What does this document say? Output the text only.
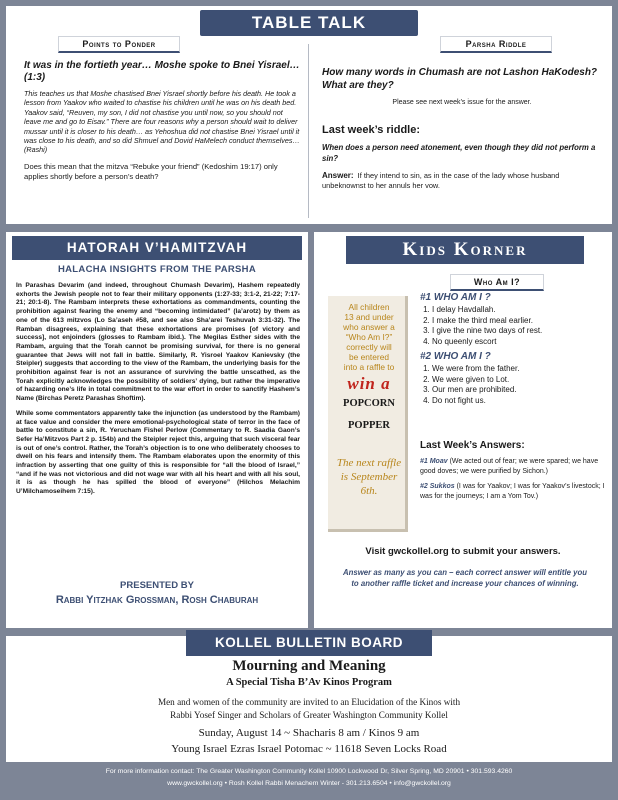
TABLE TALK
Points to Ponder	Parsha Riddle

It was in the fortieth year… Moshe spoke to Bnei Yisrael… (1:3)

This teaches us that Moshe chastised Bnei Yisrael shortly before his death. He took a lesson from Yaakov who waited to chastise his children until he was on his death bed. Yaakov said, “Reuven, my son, I did not chastise you until now, so you should not leave me and go to Eisav.” There are four reasons why a person should wait to deliver mussar until it is closer to his death… as Yehoshua did not chastise Bnei Yisrael until it was close to his death, and so did Shmuel and Dovid HaMelech conduct themselves… (Rashi)

Does this mean that the mitzva “Rebuke your friend” (Kedoshim 19:17) only applies shortly before a person’s death?

How many words in Chumash are not Lashon HaKodesh? What are they?

Please see next week’s issue for the answer.

Last week’s riddle:

When does a person need atonement, even though they did not perform a sin?

Answer: If they intend to sin, as in the case of the lady whose husband unbeknownst to her annuls her vow.

HATORAH V’HAMITZVAH
HALACHA INSIGHTS FROM THE PARSHA

In Parashas Devarim (and indeed, throughout Chumash Devarim), Hashem repeatedly exhorts the Jewish people not to fear their military opponents (1:27-33; 3:1-2, 21-22; 7:17-21; 20:1-8). The Rambam interprets these exhortations as commandments, counting the prohibition against fearing the enemy and “becoming intimidated” (la’arotz) by them as one of the 613 mitzvos (Lo Sa’aseh #58, and see also Sha’arei Teshuvah 3:31-32). The Ramban disagrees, explaining that these exhortations are promises [of victory and success], not enjoinders (glosses to Rambam ibid.). The Megilas Esther sides with the Rambam, arguing that the Torah cannot be promising survival, for there is no general guarantee that Jews will not fall in battle. Similarly, R. Yisroel Yaakov Kanievsky (the Steipler) suggests that according to the view of the Rambam, the underlying basis for the prohibition against fear is not an assurance of surviving the battle unscathed, as the Torah explicitly acknowledges the possibility of soldiers’ dying, but rather the imperative of hazarding one’s life in total commitment to the war effort in order to sanctify Hashem’s Name (Birchas Peretz Parashas Shoftim).

While some commentators apparently take the injunction (as understood by the Rambam) at face value and consider the mere emotional-psychological state of terror in the face of battle to constitute a sin, R. Yerucham Fishel Perlow (Commentary to R. Saadia Gaon’s Sefer Ha’Mitzvos Part 2 p. 154b) and the Steipler reject this, arguing that such visceral fear is out of one’s control. Rather, the Torah’s objection is to one who deliberately chooses to dwell on his fears and intensify them. The Rambam elaborates upon the enormity of this infraction by asserting that one guilty of this is responsible for “all the blood of Israel,” “and if he was not victorious and did not wage war with all his heart and with all his soul, it is as though he has spilled the blood of everyone” (Hilchos Melachim U’Milchamoseihem 7:15).

PRESENTED BY
Rabbi Yitzhak Grossman, Rosh Chaburah
Kids Korner
All children
13 and under
who answer a
“Who Am I?”
correctly will
be entered
into a raffle to
win a
POPCORN
POPPER
The next raffle is September 6th.
Who Am I?
#1 WHO AM I ?
1. I delay Havdallah.
2. I make the third meal earlier.
3. I give the nine two days of rest.
4. No queenly escort
#2 WHO AM I ?
1. We were from the father.
2. We were given to Lot.
3. Our men are prohibited.
4. Do not fight us.
Last Week’s Answers:

#1 Moav (We acted out of fear; we were spared; we have good doves; we were purified by Sichon.)

#2 Sukkos (I was for Yaakov; I was for Yaakov’s livestock; I was for the journeys; I am a Yom Tov.)

Visit gwckollel.org to submit your answers.
Answer as many as you can – each correct answer will entitle you to another raffle ticket and increase your chances of winning.
KOLLEL BULLETIN BOARD
Mourning and Meaning
A Special Tisha B’Av Kinos Program
Men and women of the community are invited to an Elucidation of the Kinos with
Rabbi Yosef Singer and Scholars of Greater Washington Community Kollel
Sunday, August 14 ~ Shacharis 8 am / Kinos 9 am
Young Israel Ezras Israel Potomac ~ 11618 Seven Locks Road
For more information contact: The Greater Washington Community Kollel 10900 Lockwood Dr, Silver Spring, MD 20901 • 301.593.4260
www.gwckollel.org • Rosh Kollel Rabbi Menachem Winter - 301.213.6504 • info@gwckollel.org
